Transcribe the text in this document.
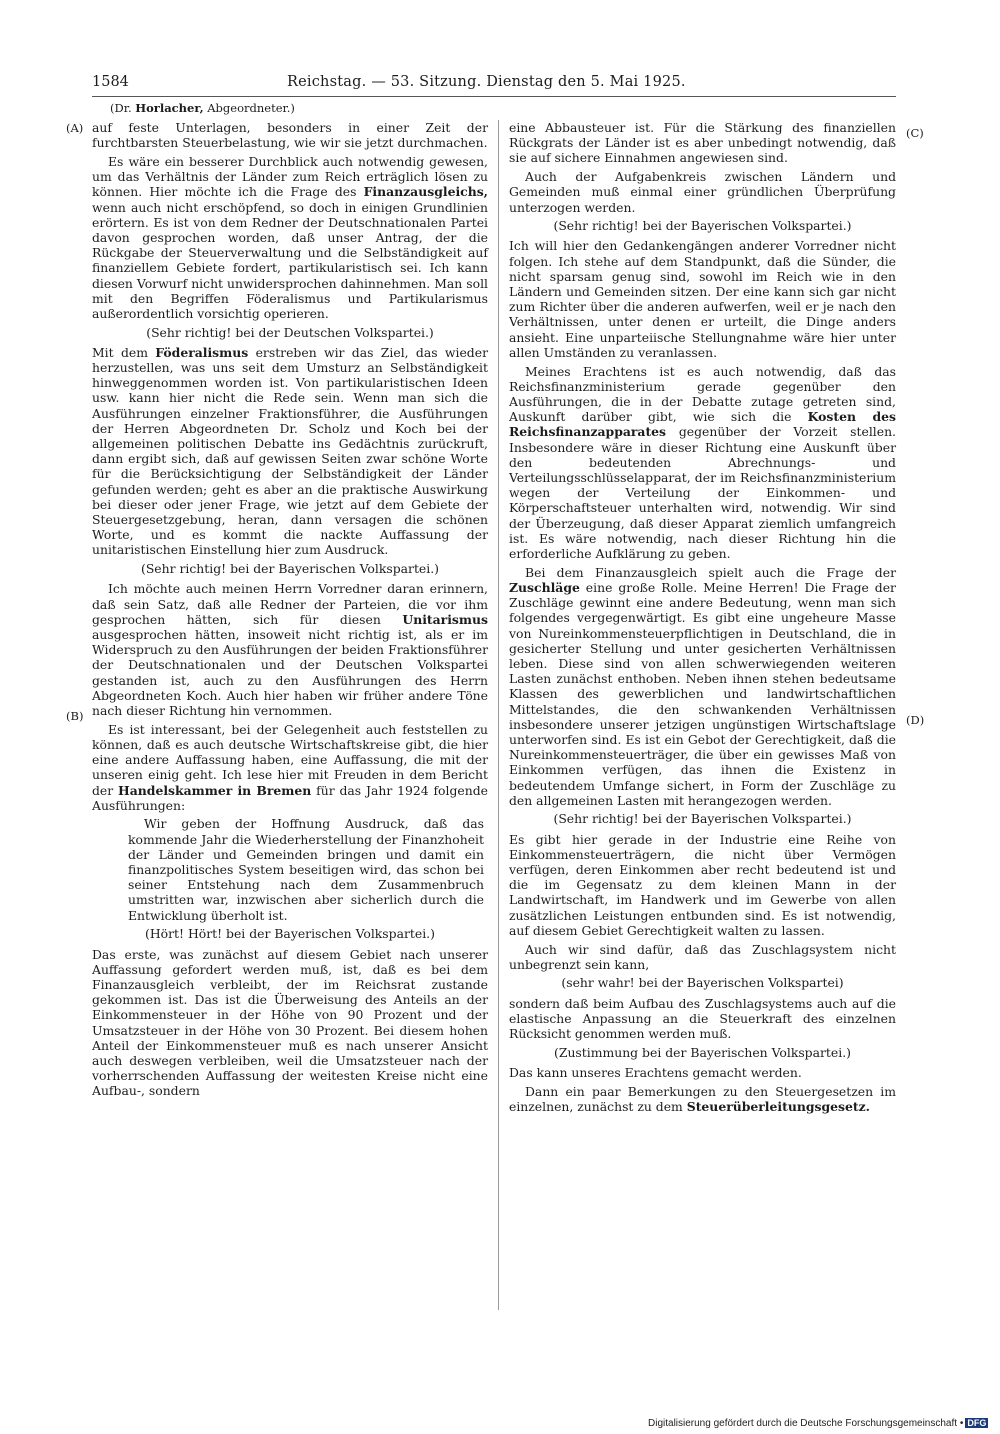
1584	Reichstag. — 53. Sitzung. Dienstag den 5. Mai 1925.
(Dr. Horlacher, Abgeordneter.)
(A)
(B)
(C)
(D)

auf feste Unterlagen, besonders in einer Zeit der furchtbarsten Steuerbelastung, wie wir sie jetzt durchmachen.

Es wäre ein besserer Durchblick auch notwendig gewesen, um das Verhältnis der Länder zum Reich erträglich lösen zu können. Hier möchte ich die Frage des Finanzausgleichs, wenn auch nicht erschöpfend, so doch in einigen Grundlinien erörtern. Es ist von dem Redner der Deutschnationalen Partei davon gesprochen worden, daß unser Antrag, der die Rückgabe der Steuerverwaltung und die Selbständigkeit auf finanziellem Gebiete fordert, partikularistisch sei. Ich kann diesen Vorwurf nicht unwidersprochen dahinnehmen. Man soll mit den Begriffen Föderalismus und Partikularismus außerordentlich vorsichtig operieren.

(Sehr richtig! bei der Deutschen Volkspartei.)

Mit dem Föderalismus erstreben wir das Ziel, das wieder herzustellen, was uns seit dem Umsturz an Selbständigkeit hinweggenommen worden ist. Von partikularistischen Ideen usw. kann hier nicht die Rede sein. Wenn man sich die Ausführungen einzelner Fraktionsführer, die Ausführungen der Herren Abgeordneten Dr. Scholz und Koch bei der allgemeinen politischen Debatte ins Gedächtnis zurückruft, dann ergibt sich, daß auf gewissen Seiten zwar schöne Worte für die Berücksichtigung der Selbständigkeit der Länder gefunden werden; geht es aber an die praktische Auswirkung bei dieser oder jener Frage, wie jetzt auf dem Gebiete der Steuergesetzgebung, heran, dann versagen die schönen Worte, und es kommt die nackte Auffassung der unitaristischen Einstellung hier zum Ausdruck.

(Sehr richtig! bei der Bayerischen Volkspartei.)

Ich möchte auch meinen Herrn Vorredner daran erinnern, daß sein Satz, daß alle Redner der Parteien, die vor ihm gesprochen hätten, sich für diesen Unitarismus ausgesprochen hätten, insoweit nicht richtig ist, als er im Widerspruch zu den Ausführungen der beiden Fraktionsführer der Deutschnationalen und der Deutschen Volkspartei gestanden ist, auch zu den Ausführungen des Herrn Abgeordneten Koch. Auch hier haben wir früher andere Töne nach dieser Richtung hin vernommen.

Es ist interessant, bei der Gelegenheit auch feststellen zu können, daß es auch deutsche Wirtschaftskreise gibt, die hier eine andere Auffassung haben, eine Auffassung, die mit der unseren einig geht. Ich lese hier mit Freuden in dem Bericht der Handelskammer in Bremen für das Jahr 1924 folgende Ausführungen:

Wir geben der Hoffnung Ausdruck, daß das kommende Jahr die Wiederherstellung der Finanzhoheit der Länder und Gemeinden bringen und damit ein finanzpolitisches System beseitigen wird, das schon bei seiner Entstehung nach dem Zusammenbruch umstritten war, inzwischen aber sicherlich durch die Entwicklung überholt ist.

(Hört! Hört! bei der Bayerischen Volkspartei.)

Das erste, was zunächst auf diesem Gebiet nach unserer Auffassung gefordert werden muß, ist, daß es bei dem Finanzausgleich verbleibt, der im Reichsrat zustande gekommen ist. Das ist die Überweisung des Anteils an der Einkommensteuer in der Höhe von 90 Prozent und der Umsatzsteuer in der Höhe von 30 Prozent. Bei diesem hohen Anteil der Einkommensteuer muß es nach unserer Ansicht auch deswegen verbleiben, weil die Umsatzsteuer nach der vorherrschenden Auffassung der weitesten Kreise nicht eine Aufbau-, sondern

eine Abbausteuer ist. Für die Stärkung des finanziellen Rückgrats der Länder ist es aber unbedingt notwendig, daß sie auf sichere Einnahmen angewiesen sind.

Auch der Aufgabenkreis zwischen Ländern und Gemeinden muß einmal einer gründlichen Überprüfung unterzogen werden.

(Sehr richtig! bei der Bayerischen Volkspartei.)

Ich will hier den Gedankengängen anderer Vorredner nicht folgen. Ich stehe auf dem Standpunkt, daß die Sünder, die nicht sparsam genug sind, sowohl im Reich wie in den Ländern und Gemeinden sitzen. Der eine kann sich gar nicht zum Richter über die anderen aufwerfen, weil er je nach den Verhältnissen, unter denen er urteilt, die Dinge anders ansieht. Eine unparteiische Stellungnahme wäre hier unter allen Umständen zu veranlassen.

Meines Erachtens ist es auch notwendig, daß das Reichsfinanzministerium gerade gegenüber den Ausführungen, die in der Debatte zutage getreten sind, Auskunft darüber gibt, wie sich die Kosten des Reichsfinanzapparates gegenüber der Vorzeit stellen. Insbesondere wäre in dieser Richtung eine Auskunft über den bedeutenden Abrechnungs- und Verteilungsschlüsselapparat, der im Reichsfinanzministerium wegen der Verteilung der Einkommen- und Körperschaftsteuer unterhalten wird, notwendig. Wir sind der Überzeugung, daß dieser Apparat ziemlich umfangreich ist. Es wäre notwendig, nach dieser Richtung hin die erforderliche Aufklärung zu geben.

Bei dem Finanzausgleich spielt auch die Frage der Zuschläge eine große Rolle. Meine Herren! Die Frage der Zuschläge gewinnt eine andere Bedeutung, wenn man sich folgendes vergegenwärtigt. Es gibt eine ungeheure Masse von Nureinkommensteuerpflichtigen in Deutschland, die in gesicherter Stellung und unter gesicherten Verhältnissen leben. Diese sind von allen schwerwiegenden weiteren Lasten zunächst enthoben. Neben ihnen stehen bedeutsame Klassen des gewerblichen und landwirtschaftlichen Mittelstandes, die den schwankenden Verhältnissen insbesondere unserer jetzigen ungünstigen Wirtschaftslage unterworfen sind. Es ist ein Gebot der Gerechtigkeit, daß die Nureinkommensteuerträger, die über ein gewisses Maß von Einkommen verfügen, das ihnen die Existenz in bedeutendem Umfange sichert, in Form der Zuschläge zu den allgemeinen Lasten mit herangezogen werden.

(Sehr richtig! bei der Bayerischen Volkspartei.)

Es gibt hier gerade in der Industrie eine Reihe von Einkommensteuerträgern, die nicht über Vermögen verfügen, deren Einkommen aber recht bedeutend ist und die im Gegensatz zu dem kleinen Mann in der Landwirtschaft, im Handwerk und im Gewerbe von allen zusätzlichen Leistungen entbunden sind. Es ist notwendig, auf diesem Gebiet Gerechtigkeit walten zu lassen.

Auch wir sind dafür, daß das Zuschlagsystem nicht unbegrenzt sein kann,

(sehr wahr! bei der Bayerischen Volkspartei)

sondern daß beim Aufbau des Zuschlagsystems auch auf die elastische Anpassung an die Steuerkraft des einzelnen Rücksicht genommen werden muß.

(Zustimmung bei der Bayerischen Volkspartei.)

Das kann unseres Erachtens gemacht werden.

Dann ein paar Bemerkungen zu den Steuergesetzen im einzelnen, zunächst zu dem Steuerüberleitungsgesetz.

Digitalisierung gefördert durch die Deutsche Forschungsgemeinschaft • DFG
